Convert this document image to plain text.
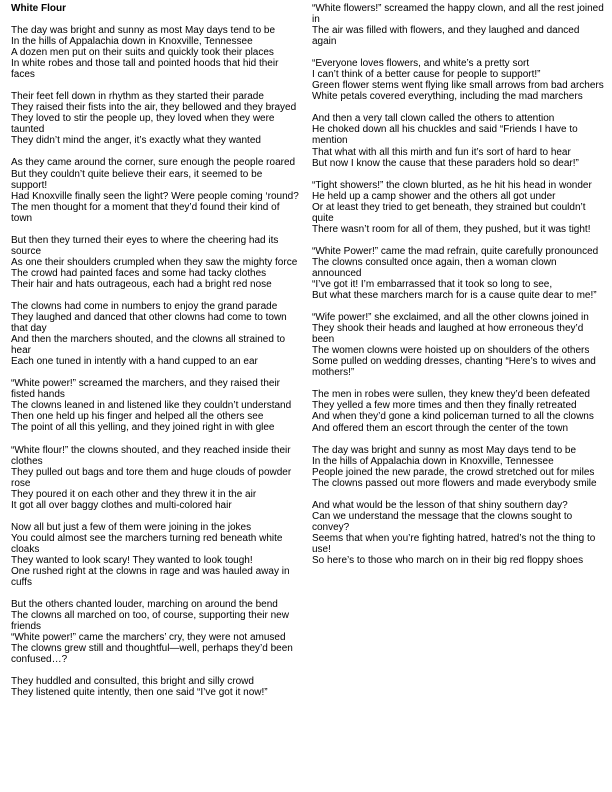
White Flour
The day was bright and sunny as most May days tend to be
In the hills of Appalachia down in Knoxville, Tennessee
A dozen men put on their suits and quickly took their places
In white robes and those tall and pointed hoods that hid their faces
Their feet fell down in rhythm as they started their parade
They raised their fists into the air, they bellowed and they brayed
They loved to stir the people up, they loved when they were taunted
They didn’t mind the anger, it’s exactly what they wanted
As they came around the corner, sure enough the people roared
But they couldn’t quite believe their ears, it seemed to be support!
Had Knoxville finally seen the light? Were people coming ‘round?
The men thought for a moment that they’d found their kind of town
But then they turned their eyes to where the cheering had its source
As one their shoulders crumpled when they saw the mighty force
The crowd had painted faces and some had tacky clothes
Their hair and hats outrageous, each had a bright red nose
The clowns had come in numbers to enjoy the grand parade
They laughed and danced that other clowns had come to town that day
And then the marchers shouted, and the clowns all strained to hear
Each one tuned in intently with a hand cupped to an ear
“White power!” screamed the marchers, and they raised their fisted hands
The clowns leaned in and listened like they couldn’t understand
Then one held up his finger and helped all the others see
The point of all this yelling, and they joined right in with glee
“White flour!” the clowns shouted, and they reached inside their clothes
They pulled out bags and tore them and huge clouds of powder rose
They poured it on each other and they threw it in the air
It got all over baggy clothes and multi-colored hair
Now all but just a few of them were joining in the jokes
You could almost see the marchers turning red beneath white cloaks
They wanted to look scary! They wanted to look tough!
One rushed right at the clowns in rage and was hauled away in cuffs
But the others chanted louder, marching on around the bend
The clowns all marched on too, of course, supporting their new friends
“White power!” came the marchers’ cry, they were not amused
The clowns grew still and thoughtful—well, perhaps they’d been confused…?
They huddled and consulted, this bright and silly crowd
They listened quite intently, then one said “I’ve got it now!”
“White flowers!” screamed the happy clown, and all the rest joined in
The air was filled with flowers, and they laughed and danced again
“Everyone loves flowers, and white’s a pretty sort
I can’t think of a better cause for people to support!”
Green flower stems went flying like small arrows from bad archers
White petals covered everything, including the mad marchers
And then a very tall clown called the others to attention
He choked down all his chuckles and said “Friends I have to mention
That what with all this mirth and fun it’s sort of hard to hear
But now I know the cause that these paraders hold so dear!”
“Tight showers!” the clown blurted, as he hit his head in wonder
He held up a camp shower and the others all got under
Or at least they tried to get beneath, they strained but couldn’t quite
There wasn’t room for all of them, they pushed, but it was tight!
“White Power!” came the mad refrain, quite carefully pronounced
The clowns consulted once again, then a woman clown announced
“I’ve got it! I’m embarrassed that it took so long to see,
But what these marchers march for is a cause quite dear to me!”
“Wife power!” she exclaimed, and all the other clowns joined in
They shook their heads and laughed at how erroneous they’d been
The women clowns were hoisted up on shoulders of the others
Some pulled on wedding dresses, chanting “Here’s to wives and mothers!”
The men in robes were sullen, they knew they’d been defeated
They yelled a few more times and then they finally retreated
And when they’d gone a kind policeman turned to all the clowns
And offered them an escort through the center of the town
The day was bright and sunny as most May days tend to be
In the hills of Appalachia down in Knoxville, Tennessee
People joined the new parade, the crowd stretched out for miles
The clowns passed out more flowers and made everybody smile
And what would be the lesson of that shiny southern day?
Can we understand the message that the clowns sought to convey?
Seems that when you’re fighting hatred, hatred’s not the thing to use!
So here’s to those who march on in their big red floppy shoes
